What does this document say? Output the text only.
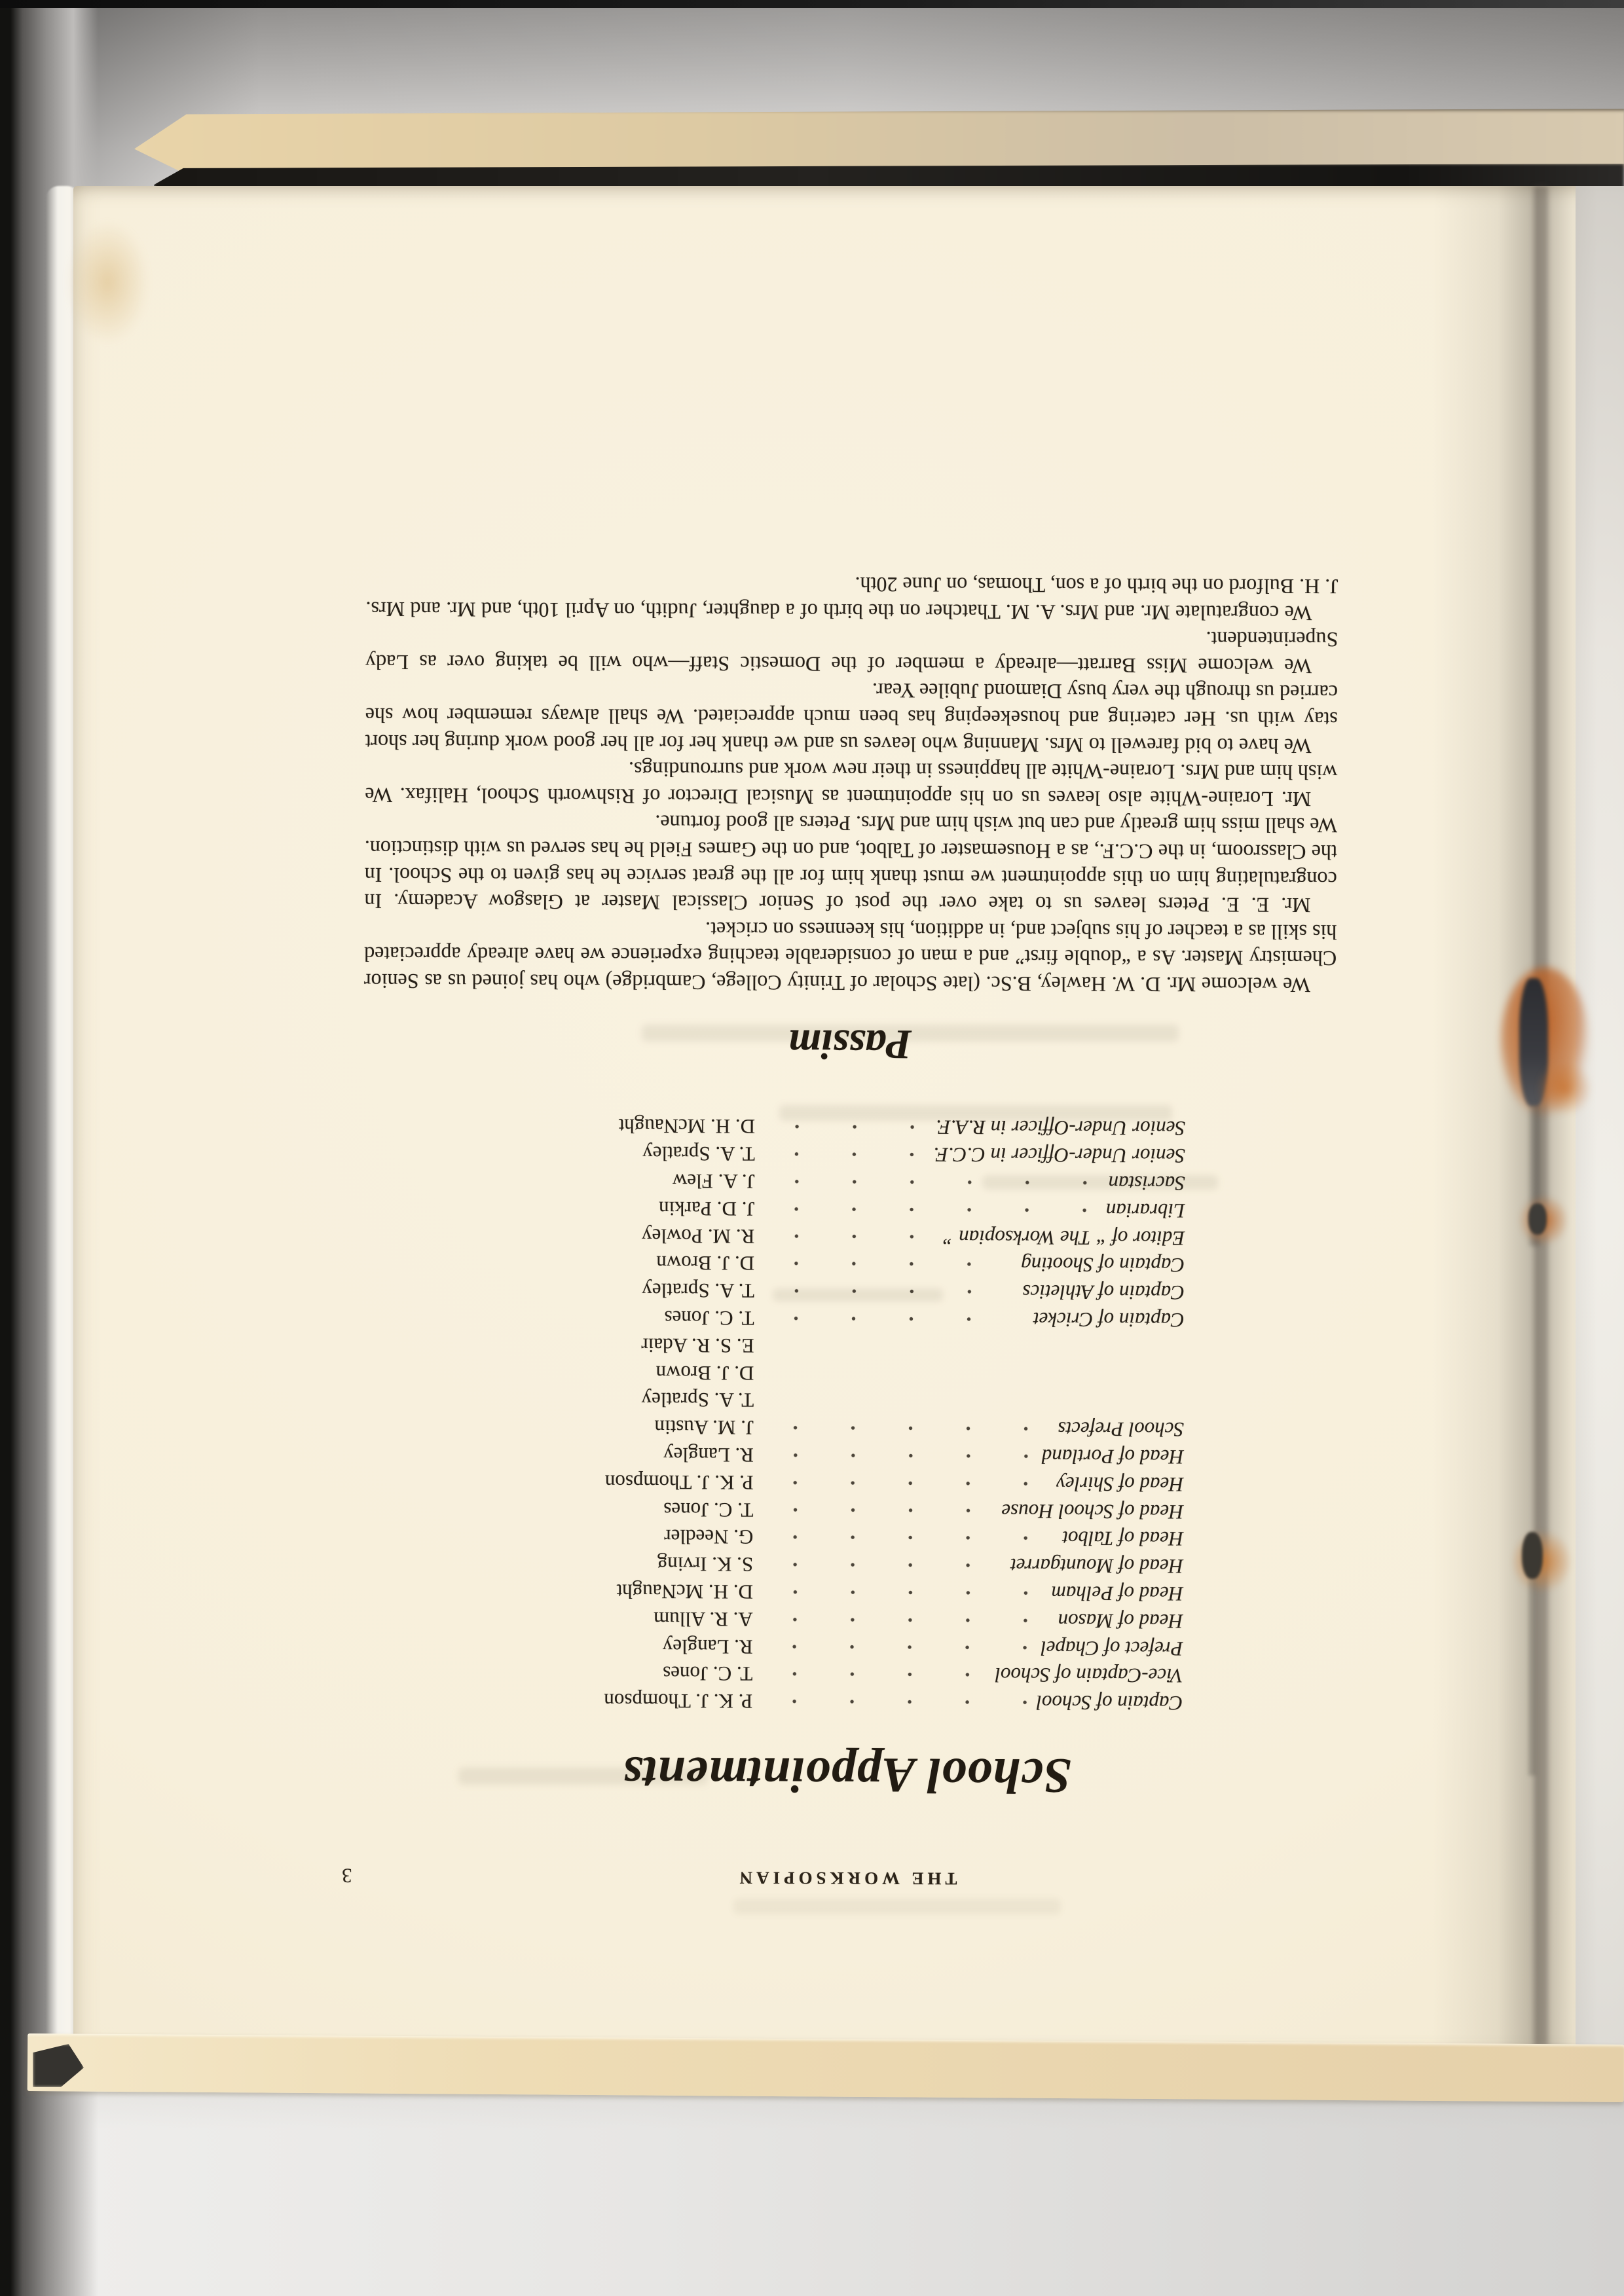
THE WORKSOPIAN
3
School Appointments
Captain of School
P. K. J. Thompson
Vice-Captain of School
T. C. Jones
Prefect of Chapel
R. Langley
Head of Mason
A. R. Allum
Head of Pelham
D. H. McNaught
Head of Mountgarret
S. K. Irving
Head of Talbot
G. Needler
Head of School House
T. C. Jones
Head of Shirley
P. K. J. Thompson
Head of Portland
R. Langley
School Prefects
J. M. Austin
T. A. Spratley
D. J. Brown
E. S. R. Adair
Captain of Cricket
T. C. Jones
Captain of Athletics
T. A. Spratley
Captain of Shooting
D. J. Brown
Editor of “ The Worksopian ”
R. M. Powley
Librarian
J. D. Parkin
Sacristan
J. A. Flew
Senior Under-Officer in C.C.F.
T. A. Spratley
Senior Under-Officer in R.A.F.
D. H. McNaught
Passim

We welcome Mr. D. W. Hawley, B.Sc. (late Scholar of Trinity College, Cambridge) who has joined us as Senior Chemistry Master. As a “double first” and a man of considerable teaching experience we have already appreciated his skill as a teacher of his subject and, in addition, his keenness on cricket.

Mr. E. E. Peters leaves us to take over the post of Senior Classical Master at Glasgow Academy. In congratulating him on this appointment we must thank him for all the great service he has given to the School. In the Classroom, in the C.C.F., as a Housemaster of Talbot, and on the Games Field he has served us with distinction. We shall miss him greatly and can but wish him and Mrs. Peters all good fortune.

Mr. Loraine-White also leaves us on his appointment as Musical Director of Rishworth School, Halifax. We wish him and Mrs. Loraine-White all happiness in their new work and surroundings.

We have to bid farewell to Mrs. Manning who leaves us and we thank her for all her good work during her short stay with us. Her catering and housekeeping has been much appreciated. We shall always remember how she carried us through the very busy Diamond Jubilee Year.

We welcome Miss Barratt—already a member of the Domestic Staff—who will be taking over as Lady Superintendent.

We congratulate Mr. and Mrs. A. M. Thatcher on the birth of a daughter, Judith, on April 10th, and Mr. and Mrs. J. H. Bulford on the birth of a son, Thomas, on June 20th.
